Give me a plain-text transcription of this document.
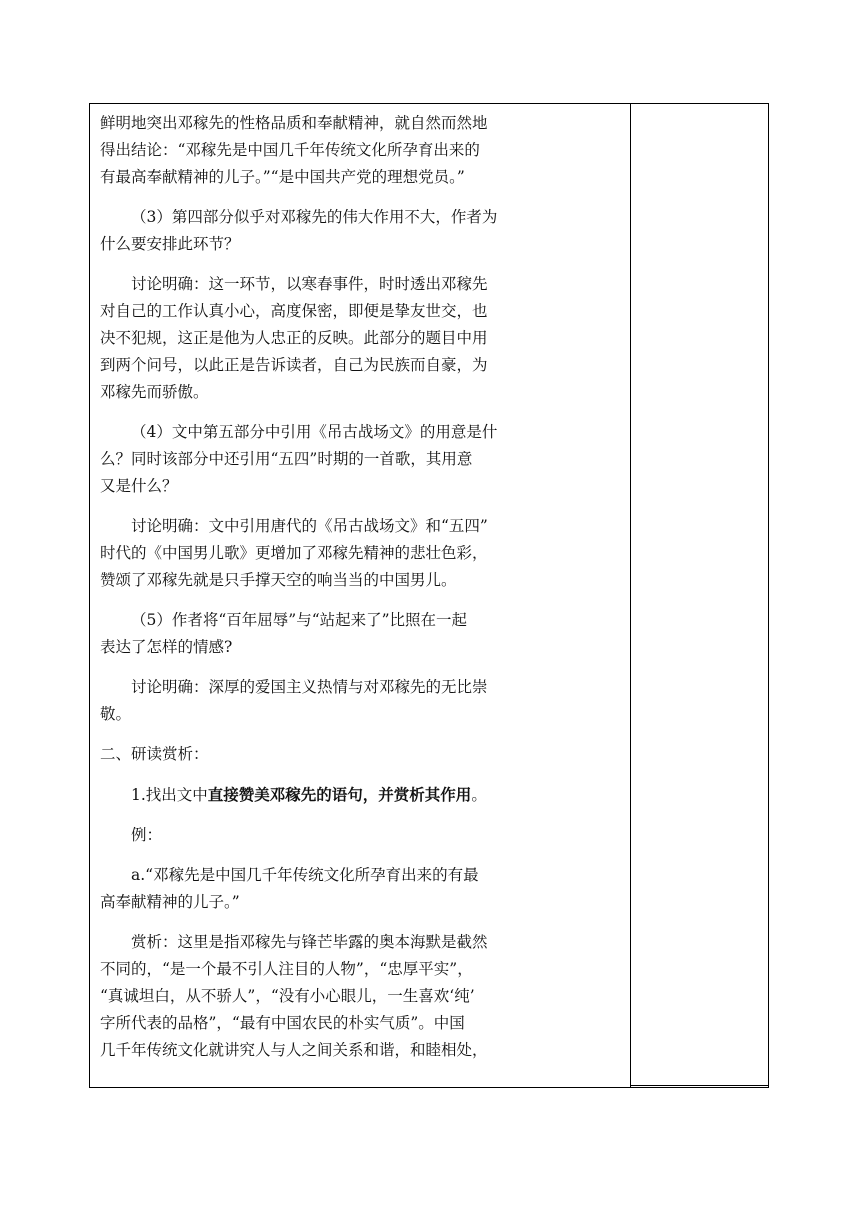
鲜明地突出邓稼先的性格品质和奉献精神，就自然而然地
得出结论：“邓稼先是中国几千年传统文化所孕育出来的
有最高奉献精神的儿子。”“是中国共产党的理想党员。”

（3）第四部分似乎对邓稼先的伟大作用不大，作者为
什么要安排此环节？

讨论明确：这一环节，以寒春事件，时时透出邓稼先
对自己的工作认真小心，高度保密，即便是挚友世交，也
决不犯规，这正是他为人忠正的反映。此部分的题目中用
到两个问号，以此正是告诉读者，自己为民族而自豪，为
邓稼先而骄傲。

（4）文中第五部分中引用《吊古战场文》的用意是什
么？同时该部分中还引用“五四”时期的一首歌，其用意
又是什么？

讨论明确：文中引用唐代的《吊古战场文》和“五四”
时代的《中国男儿歌》更增加了邓稼先精神的悲壮色彩，
赞颂了邓稼先就是只手撑天空的响当当的中国男儿。

（5）作者将“百年屈辱”与“站起来了”比照在一起
表达了怎样的情感?

讨论明确：深厚的爱国主义热情与对邓稼先的无比崇
敬。

二、研读赏析：

1.找出文中直接赞美邓稼先的语句，并赏析其作用。

例：

a.“邓稼先是中国几千年传统文化所孕育出来的有最
高奉献精神的儿子。”

赏析：这里是指邓稼先与锋芒毕露的奥本海默是截然
不同的，“是一个最不引人注目的人物”，“忠厚平实”，
“真诚坦白，从不骄人”，“没有小心眼儿，一生喜欢‘纯’
字所代表的品格”，“最有中国农民的朴实气质”。中国
几千年传统文化就讲究人与人之间关系和谐，和睦相处，
